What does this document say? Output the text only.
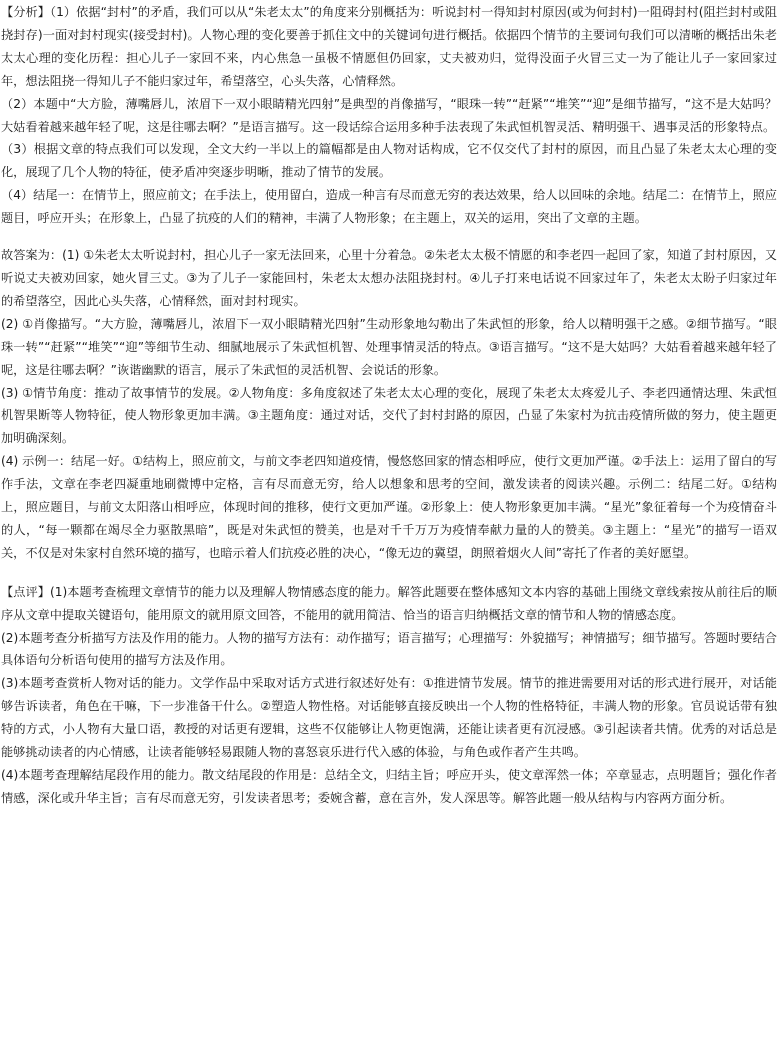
【分析】（1）依据“封村”的矛盾，我们可以从“朱老太太”的角度来分别概括为：听说封村一得知封村原因(或为何封村)一阻碍封村(阻拦封村或阻挠封存)一面对封村现实(接受封村)。人物心理的变化要善于抓住文中的关键词句进行概括。依据四个情节的主要词句我们可以清晰的概括出朱老太太心理的变化历程：担心儿子一家回不来，内心焦急一虽极不情愿但仍回家，丈夫被劝归，觉得没面子火冒三丈一为了能让儿子一家回家过年，想法阻挠一得知儿子不能归家过年，希望落空，心头失落，心情释然。

（2）本题中“大方脸，薄嘴唇儿，浓眉下一双小眼睛精光四射”是典型的肖像描写，“眼珠一转”“赶紧”“堆笑”“迎”是细节描写，“这不是大姑吗？大姑看着越来越年轻了呢，这是往哪去啊？”是语言描写。这一段话综合运用多种手法表现了朱武恒机智灵活、精明强干、遇事灵活的形象特点。

（3）根据文章的特点我们可以发现，全文大约一半以上的篇幅都是由人物对话构成，它不仅交代了封村的原因，而且凸显了朱老太太心理的变化，展现了几个人物的特征，使矛盾冲突逐步明晰，推动了情节的发展。

（4）结尾一：在情节上，照应前文；在手法上，使用留白，造成一种言有尽而意无穷的表达效果，给人以回味的余地。结尾二：在情节上，照应题目，呼应开头；在形象上，凸显了抗疫的人们的精神，丰满了人物形象；在主题上，双关的运用，突出了文章的主题。

故答案为：(1) ①朱老太太听说封村，担心儿子一家无法回来，心里十分着急。②朱老太太极不情愿的和李老四一起回了家，知道了封村原因，又听说丈夫被劝回家，她火冒三丈。③为了儿子一家能回村，朱老太太想办法阻挠封村。④儿子打来电话说不回家过年了，朱老太太盼子归家过年的希望落空，因此心头失落，心情释然，面对封村现实。

(2) ①肖像描写。“大方脸，薄嘴唇儿，浓眉下一双小眼睛精光四射”生动形象地勾勒出了朱武恒的形象，给人以精明强干之感。②细节描写。“眼珠一转”“赶紧”“堆笑”“迎”等细节生动、细腻地展示了朱武恒机智、处理事情灵活的特点。③语言描写。“这不是大姑吗？大姑看着越来越年轻了呢，这是往哪去啊？”诙谐幽默的语言，展示了朱武恒的灵活机智、会说话的形象。

(3) ①情节角度：推动了故事情节的发展。②人物角度：多角度叙述了朱老太太心理的变化，展现了朱老太太疼爱儿子、李老四通情达理、朱武恒机智果断等人物特征，使人物形象更加丰满。③主题角度：通过对话，交代了封村封路的原因，凸显了朱家村为抗击疫情所做的努力，使主题更加明确深刻。

(4) 示例一：结尾一好。①结构上，照应前文，与前文李老四知道疫情，慢悠悠回家的情态相呼应，使行文更加严谨。②手法上：运用了留白的写作手法，文章在李老四凝重地刷微博中定格，言有尽而意无穷，给人以想象和思考的空间，激发读者的阅读兴趣。示例二：结尾二好。①结构上，照应题目，与前文太阳落山相呼应，体现时间的推移，使行文更加严谨。②形象上：使人物形象更加丰满。“星光”象征着每一个为疫情奋斗的人，“每一颗都在竭尽全力驱散黑暗”，既是对朱武恒的赞美，也是对千千万万为疫情奉献力量的人的赞美。③主题上：“星光”的描写一语双关，不仅是对朱家村自然环境的描写，也暗示着人们抗疫必胜的决心，“像无边的冀望，朗照着烟火人间”寄托了作者的美好愿望。

【点评】(1)本题考查梳理文章情节的能力以及理解人物情感态度的能力。解答此题要在整体感知文本内容的基础上围绕文章线索按从前往后的顺序从文章中提取关键语句，能用原文的就用原文回答，不能用的就用简洁、恰当的语言归纳概括文章的情节和人物的情感态度。

(2)本题考查分析描写方法及作用的能力。人物的描写方法有：动作描写；语言描写；心理描写：外貌描写；神情描写；细节描写。答题时要结合具体语句分析语句使用的描写方法及作用。

(3)本题考查赏析人物对话的能力。文学作品中采取对话方式进行叙述好处有：①推进情节发展。情节的推进需要用对话的形式进行展开，对话能够告诉读者，角色在干嘛，下一步准备干什么。②塑造人物性格。对话能够直接反映出一个人物的性格特征，丰满人物的形象。官员说话带有独特的方式，小人物有大量口语，教授的对话更有逻辑，这些不仅能够让人物更饱满，还能让读者更有沉浸感。③引起读者共情。优秀的对话总是能够挑动读者的内心情感，让读者能够轻易跟随人物的喜怒哀乐进行代入感的体验，与角色或作者产生共鸣。

(4)本题考查理解结尾段作用的能力。散文结尾段的作用是：总结全文，归结主旨；呼应开头，使文章浑然一体；卒章显志，点明题旨；强化作者情感，深化或升华主旨；言有尽而意无穷，引发读者思考；委婉含蓄，意在言外，发人深思等。解答此题一般从结构与内容两方面分析。
